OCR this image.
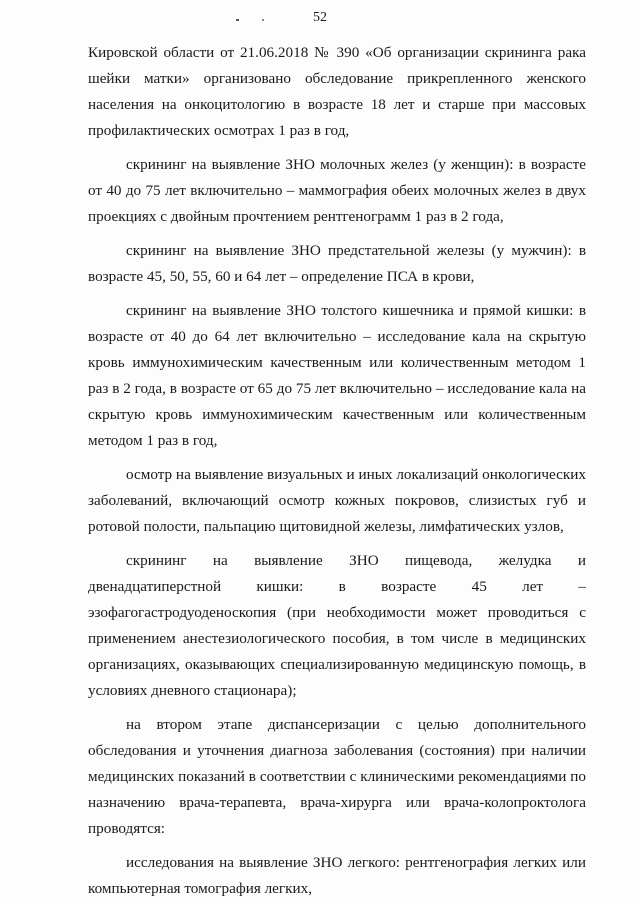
52

Кировской области от 21.06.2018 № 390 «Об организации скрининга рака шейки матки» организовано обследование прикрепленного женского населения на онкоцитологию в возрасте 18 лет и старше при массовых профилактических осмотрах 1 раз в год,

скрининг на выявление ЗНО молочных желез (у женщин): в возрасте от 40 до 75 лет включительно – маммография обеих молочных желез в двух проекциях с двойным прочтением рентгенограмм 1 раз в 2 года,

скрининг на выявление ЗНО предстательной железы (у мужчин): в возрасте 45, 50, 55, 60 и 64 лет – определение ПСА в крови,

скрининг на выявление ЗНО толстого кишечника и прямой кишки: в возрасте от 40 до 64 лет включительно – исследование кала на скрытую кровь иммунохимическим качественным или количественным методом 1 раз в 2 года, в возрасте от 65 до 75 лет включительно – исследование кала на скрытую кровь иммунохимическим качественным или количественным методом 1 раз в год,

осмотр на выявление визуальных и иных локализаций онкологических заболеваний, включающий осмотр кожных покровов, слизистых губ и ротовой полости, пальпацию щитовидной железы, лимфатических узлов,

скрининг на выявление ЗНО пищевода, желудка и двенадцатиперстной кишки: в возрасте 45 лет – эзофагогастродуоденоскопия (при необходимости может проводиться с применением анестезиологического пособия, в том числе в медицинских организациях, оказывающих специализированную медицинскую помощь, в условиях дневного стационара);

на втором этапе диспансеризации с целью дополнительного обследования и уточнения диагноза заболевания (состояния) при наличии медицинских показаний в соответствии с клиническими рекомендациями по назначению врача-терапевта, врача-хирурга или врача-колопроктолога проводятся:

исследования на выявление ЗНО легкого: рентгенография легких или компьютерная томография легких,
